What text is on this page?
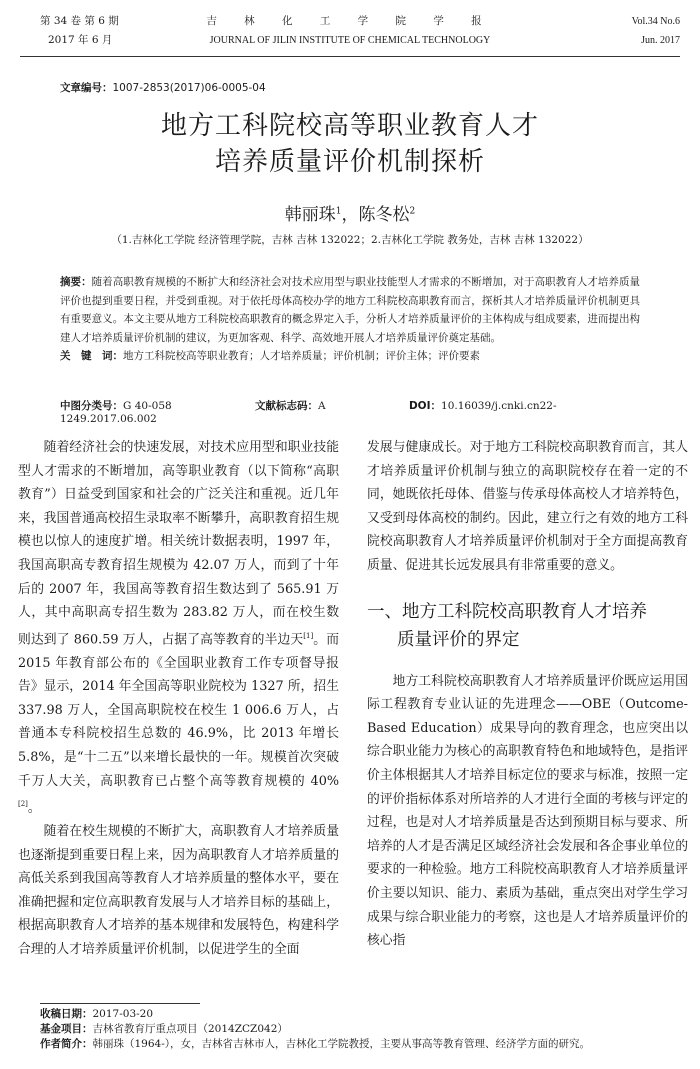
第 34 卷 第 6 期
2017 年 6 月
吉 林 化 工 学 院 学 报
JOURNAL OF JILIN INSTITUTE OF CHEMICAL TECHNOLOGY
Vol.34 No.6
Jun. 2017
文章编号：1007-2853(2017)06-0005-04
地方工科院校高等职业教育人才
培养质量评价机制探析
韩丽珠$^1$，陈冬松$^2$
（1.吉林化工学院 经济管理学院，吉林 吉林 132022；2.吉林化工学院 教务处，吉林 吉林 132022）
摘要：随着高职教育规模的不断扩大和经济社会对技术应用型与职业技能型人才需求的不断增加，对于高职教育人才培养质量评价也提到重要日程，并受到重视。对于依托母体高校办学的地方工科院校高职教育而言，探析其人才培养质量评价机制更具有重要意义。本文主要从地方工科院校高职教育的概念界定入手，分析人才培养质量评价的主体构成与组成要素，进而提出构建人才培养质量评价机制的建议，为更加客观、科学、高效地开展人才培养质量评价奠定基础。
关　键　词：地方工科院校高等职业教育；人才培养质量；评价机制；评价主体；评价要素
中图分类号：G 40-058	文献标志码：A	DOI：10.16039/j.cnki.cn22-1249.2017.06.002

随着经济社会的快速发展，对技术应用型和职业技能型人才需求的不断增加，高等职业教育（以下简称“高职教育”）日益受到国家和社会的广泛关注和重视。近几年来，我国普通高校招生录取率不断攀升，高职教育招生规模也以惊人的速度扩增。相关统计数据表明，1997 年，我国高职高专教育招生规模为 42.07 万人，而到了十年后的 2007 年，我国高等教育招生数达到了 565.91 万人，其中高职高专招生数为 283.82 万人，而在校生数则达到了 860.59 万人，占据了高等教育的半边天[1]。而 2015 年教育部公布的《全国职业教育工作专项督导报告》显示，2014 年全国高等职业院校为 1327 所，招生 337.98 万人，全国高职院校在校生 1 006.6 万人，占普通本专科院校招生总数的 46.9%，比 2013 年增长 5.8%，是“十二五”以来增长最快的一年。规模首次突破千万人大关，高职教育已占整个高等教育规模的 40%[2]。

随着在校生规模的不断扩大，高职教育人才培养质量也逐渐提到重要日程上来，因为高职教育人才培养质量的高低关系到我国高等教育人才培养质量的整体水平，要在准确把握和定位高职教育发展与人才培养目标的基础上，根据高职教育人才培养的基本规律和发展特色，构建科学合理的人才培养质量评价机制，以促进学生的全面

发展与健康成长。对于地方工科院校高职教育而言，其人才培养质量评价机制与独立的高职院校存在着一定的不同，她既依托母体、借鉴与传承母体高校人才培养特色，又受到母体高校的制约。因此，建立行之有效的地方工科院校高职教育人才培养质量评价机制对于全方面提高教育质量、促进其长远发展具有非常重要的意义。

一、地方工科院校高职教育人才培养
质量评价的界定

地方工科院校高职教育人才培养质量评价既应运用国际工程教育专业认证的先进理念——OBE（Outcome-Based Education）成果导向的教育理念，也应突出以综合职业能力为核心的高职教育特色和地域特色，是指评价主体根据其人才培养目标定位的要求与标准，按照一定的评价指标体系对所培养的人才进行全面的考核与评定的过程，也是对人才培养质量是否达到预期目标与要求、所培养的人才是否满足区域经济社会发展和各企事业单位的要求的一种检验。地方工科院校高职教育人才培养质量评价主要以知识、能力、素质为基础，重点突出对学生学习成果与综合职业能力的考察，这也是人才培养质量评价的核心指

收稿日期：2017-03-20
基金项目：吉林省教育厅重点项目（2014ZCZ042）
作者简介：韩丽珠（1964-），女，吉林省吉林市人，吉林化工学院教授，主要从事高等教育管理、经济学方面的研究。
